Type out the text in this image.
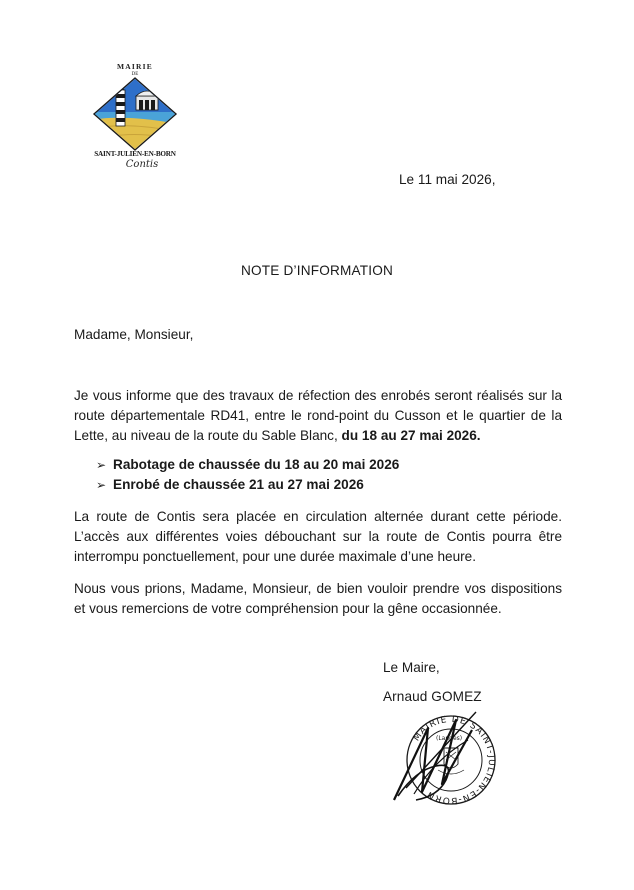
MAIRIE
DE
SAINT-JULIEN-EN-BORN
Contis
Le 11 mai 2026,
NOTE D’INFORMATION
Madame, Monsieur,
Je vous informe que des travaux de réfection des enrobés seront réalisés sur la route départementale RD41, entre le rond-point du Cusson et le quartier de la Lette, au niveau de la route du Sable Blanc, du 18 au 27 mai 2026.
➢ Rabotage de chaussée du 18 au 20 mai 2026
➢ Enrobé de chaussée 21 au 27 mai 2026
La route de Contis sera placée en circulation alternée durant cette période. L’accès aux différentes voies débouchant sur la route de Contis pourra être interrompu ponctuellement, pour une durée maximale d’une heure.
Nous vous prions, Madame, Monsieur, de bien vouloir prendre vos dispositions et vous remercions de votre compréhension pour la gêne occasionnée.
Le Maire,
Arnaud GOMEZ
MAIRIE DE SAINT-JULIEN-EN-BORN
(Landes)
